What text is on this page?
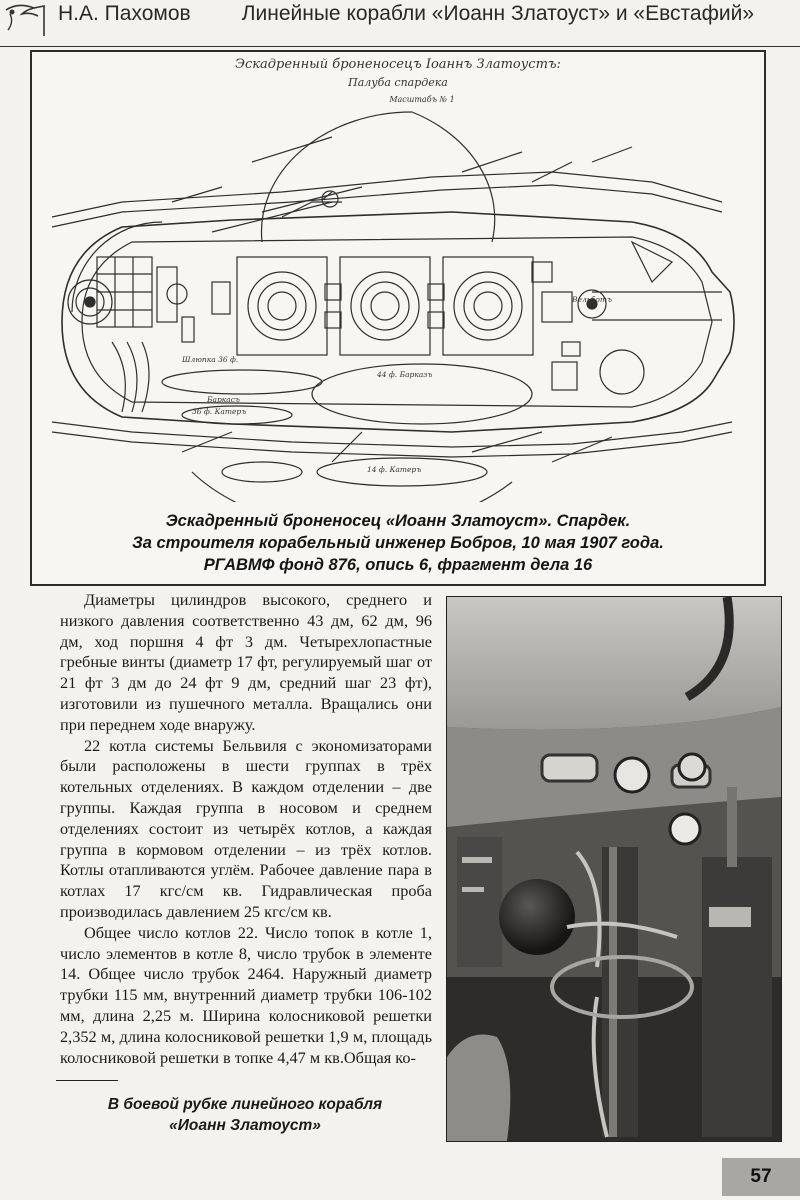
Н.А. Пахомов Линейные корабли «Иоанн Златоуст» и «Евстафий»
Эскадренный броненосецъ Іоаннъ Златоустъ:
Палуба спардека
Масштабъ № 1
Шлюпка 36 ф.
Баркасъ
44 ф. Барказъ
36 ф. Катеръ
14 ф. Катеръ
Вельботъ
Эскадренный броненосец «Иоанн Златоуст». Спардек.
За строителя корабельный инженер Бобров, 10 мая 1907 года.
РГАВМФ фонд 876, опись 6, фрагмент дела 16

Диаметры цилиндров высокого, среднего и низкого давления соответственно 43 дм, 62 дм, 96 дм, ход поршня 4 фт 3 дм. Четырехлопастные гребные винты (диаметр 17 фт, регулируемый шаг от 21 фт 3 дм до 24 фт 9 дм, средний шаг 23 фт), изготовили из пушечного металла. Вращались они при переднем ходе внаружу.

22 котла системы Бельвиля с экономизаторами были расположены в шести группах в трёх котельных отделениях. В каждом отделении – две группы. Каждая группа в носовом и среднем отделениях состоит из четырёх котлов, а каждая группа в кормовом отделении – из трёх котлов. Котлы отапливаются углём. Рабочее давление пара в котлах 17 кгс/см кв. Гидравлическая проба производилась давлением 25 кгс/см кв.

Общее число котлов 22. Число топок в котле 1, число элементов в котле 8, число трубок в элементе 14. Общее число трубок 2464. Наружный диаметр трубки 115 мм, внутренний диаметр трубки 106-102 мм, длина 2,25 м. Ширина колосниковой решетки 2,352 м, длина колосниковой решетки 1,9 м, площадь колосниковой решетки в топке 4,47 м кв.Общая ко-

В боевой рубке линейного корабля
«Иоанн Златоуст»
57
